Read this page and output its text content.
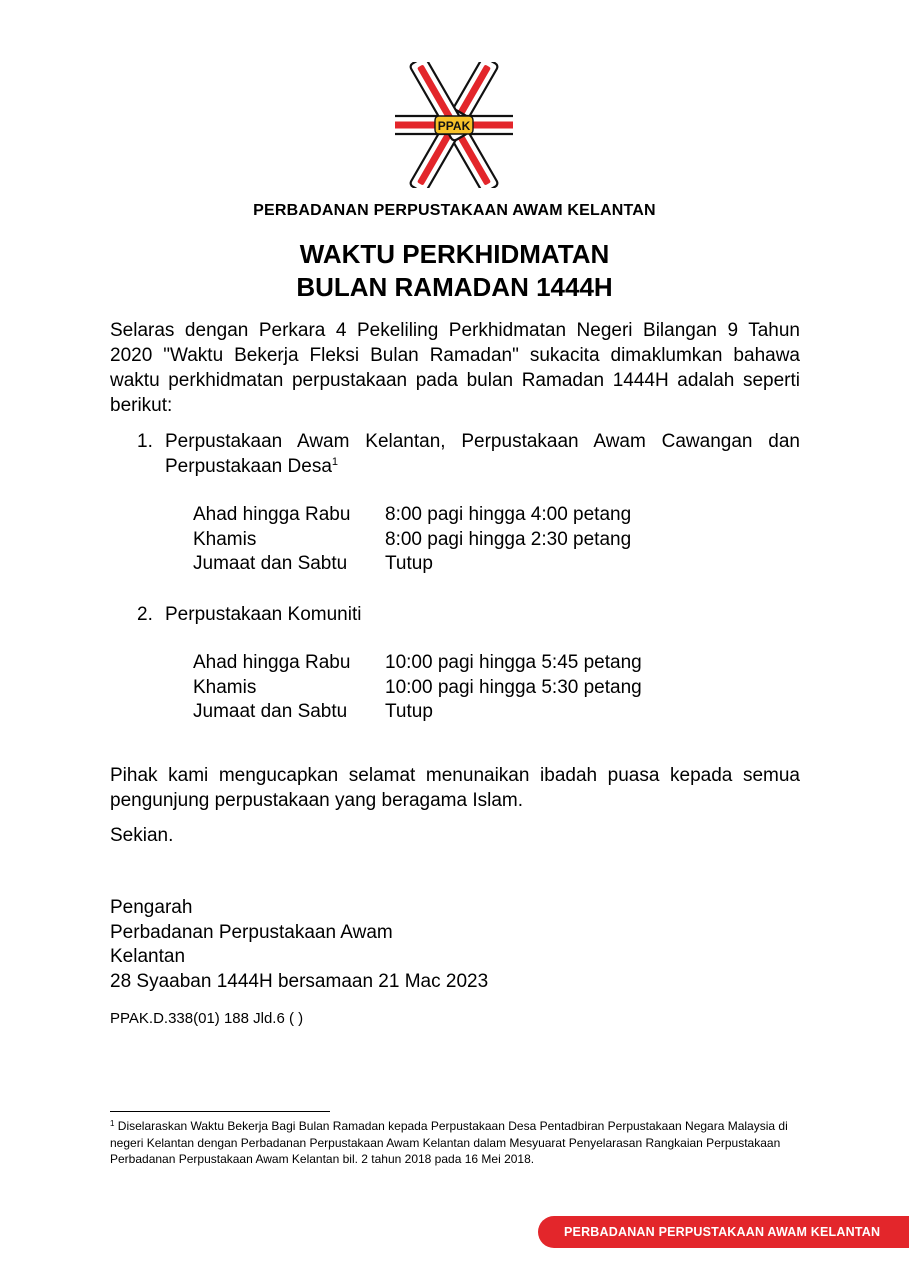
PPAK
PERBADANAN PERPUSTAKAAN AWAM KELANTAN
WAKTU PERKHIDMATAN
BULAN RAMADAN 1444H
Selaras dengan Perkara 4 Pekeliling Perkhidmatan Negeri Bilangan 9 Tahun 2020 "Waktu Bekerja Fleksi Bulan Ramadan" sukacita dimaklumkan bahawa waktu perkhidmatan perpustakaan pada bulan Ramadan 1444H adalah seperti berikut:
1. Perpustakaan Awam Kelantan, Perpustakaan Awam Cawangan dan Perpustakaan Desa$^1$
Ahad hingga Rabu	8:00 pagi hingga 4:00 petang
Khamis	8:00 pagi hingga 2:30 petang
Jumaat dan Sabtu	Tutup
2. Perpustakaan Komuniti
Ahad hingga Rabu	10:00 pagi hingga 5:45 petang
Khamis	10:00 pagi hingga 5:30 petang
Jumaat dan Sabtu	Tutup
Pihak kami mengucapkan selamat menunaikan ibadah puasa kepada semua pengunjung perpustakaan yang beragama Islam.
Sekian.
Pengarah
Perbadanan Perpustakaan Awam
Kelantan
28 Syaaban 1444H bersamaan 21 Mac 2023
PPAK.D.338(01) 188 Jld.6 ( )
$^1$ Diselaraskan Waktu Bekerja Bagi Bulan Ramadan kepada Perpustakaan Desa Pentadbiran Perpustakaan Negara Malaysia di negeri Kelantan dengan Perbadanan Perpustakaan Awam Kelantan dalam Mesyuarat Penyelarasan Rangkaian Perpustakaan Perbadanan Perpustakaan Awam Kelantan bil. 2 tahun 2018 pada 16 Mei 2018.
PERBADANAN PERPUSTAKAAN AWAM KELANTAN
